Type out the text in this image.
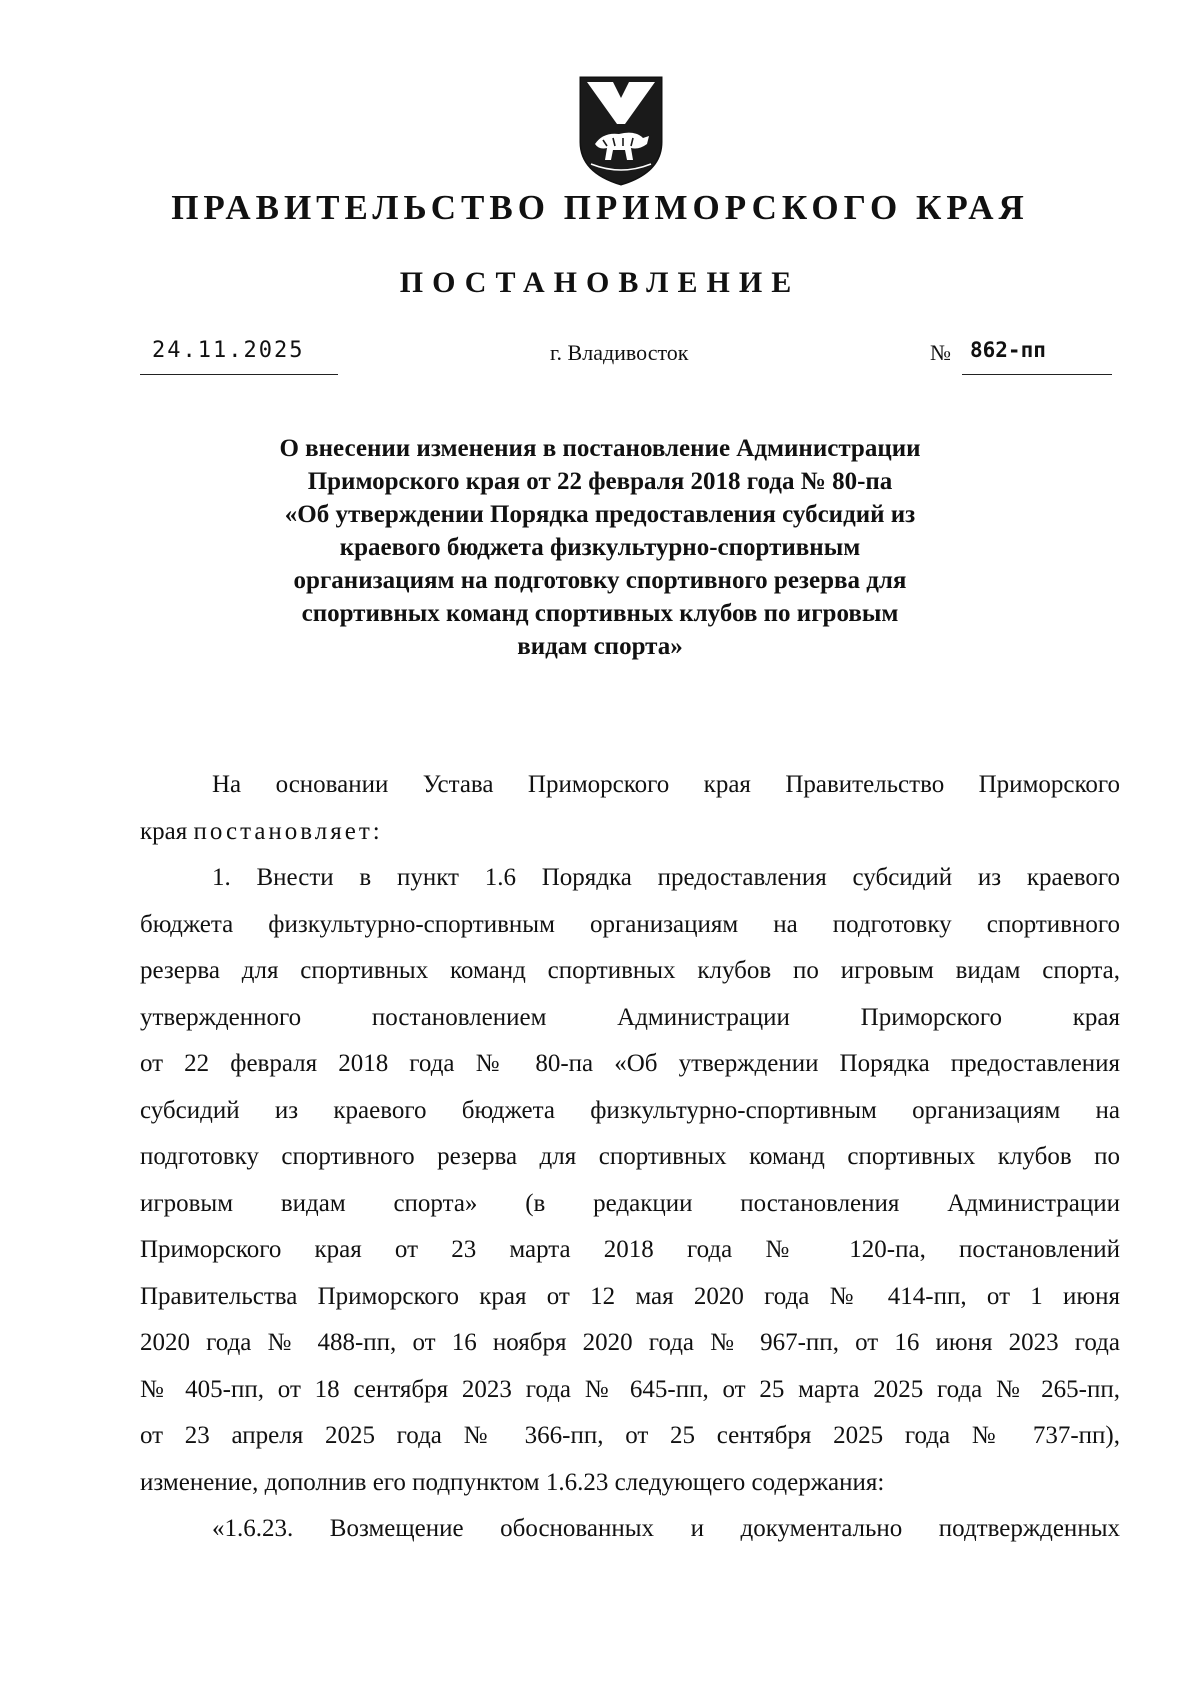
ПРАВИТЕЛЬСТВО ПРИМОРСКОГО КРАЯ
ПОСТАНОВЛЕНИЕ
24.11.2025	г. Владивосток	№ 862-пп
О внесении изменения в постановление Администрации
Приморского края от 22 февраля 2018 года № 80-па
«Об утверждении Порядка предоставления субсидий из
краевого бюджета физкультурно-спортивным
организациям на подготовку спортивного резерва для
спортивных команд спортивных клубов по игровым
видам спорта»
На основании Устава Приморского края Правительство Приморского
края постановляет:
1. Внести в пункт 1.6 Порядка предоставления субсидий из краевого
бюджета физкультурно-спортивным организациям на подготовку спортивного
резерва для спортивных команд спортивных клубов по игровым видам спорта,
утвержденного постановлением Администрации Приморского края
от 22 февраля 2018 года № 80-па «Об утверждении Порядка предоставления
субсидий из краевого бюджета физкультурно-спортивным организациям на
подготовку спортивного резерва для спортивных команд спортивных клубов по
игровым видам спорта» (в редакции постановления Администрации
Приморского края от 23 марта 2018 года № 120-па, постановлений
Правительства Приморского края от 12 мая 2020 года № 414-пп, от 1 июня
2020 года № 488-пп, от 16 ноября 2020 года № 967-пп, от 16 июня 2023 года
№ 405-пп, от 18 сентября 2023 года № 645-пп, от 25 марта 2025 года № 265-пп,
от 23 апреля 2025 года № 366-пп, от 25 сентября 2025 года № 737-пп),
изменение, дополнив его подпунктом 1.6.23 следующего содержания:
«1.6.23. Возмещение обоснованных и документально подтвержденных
